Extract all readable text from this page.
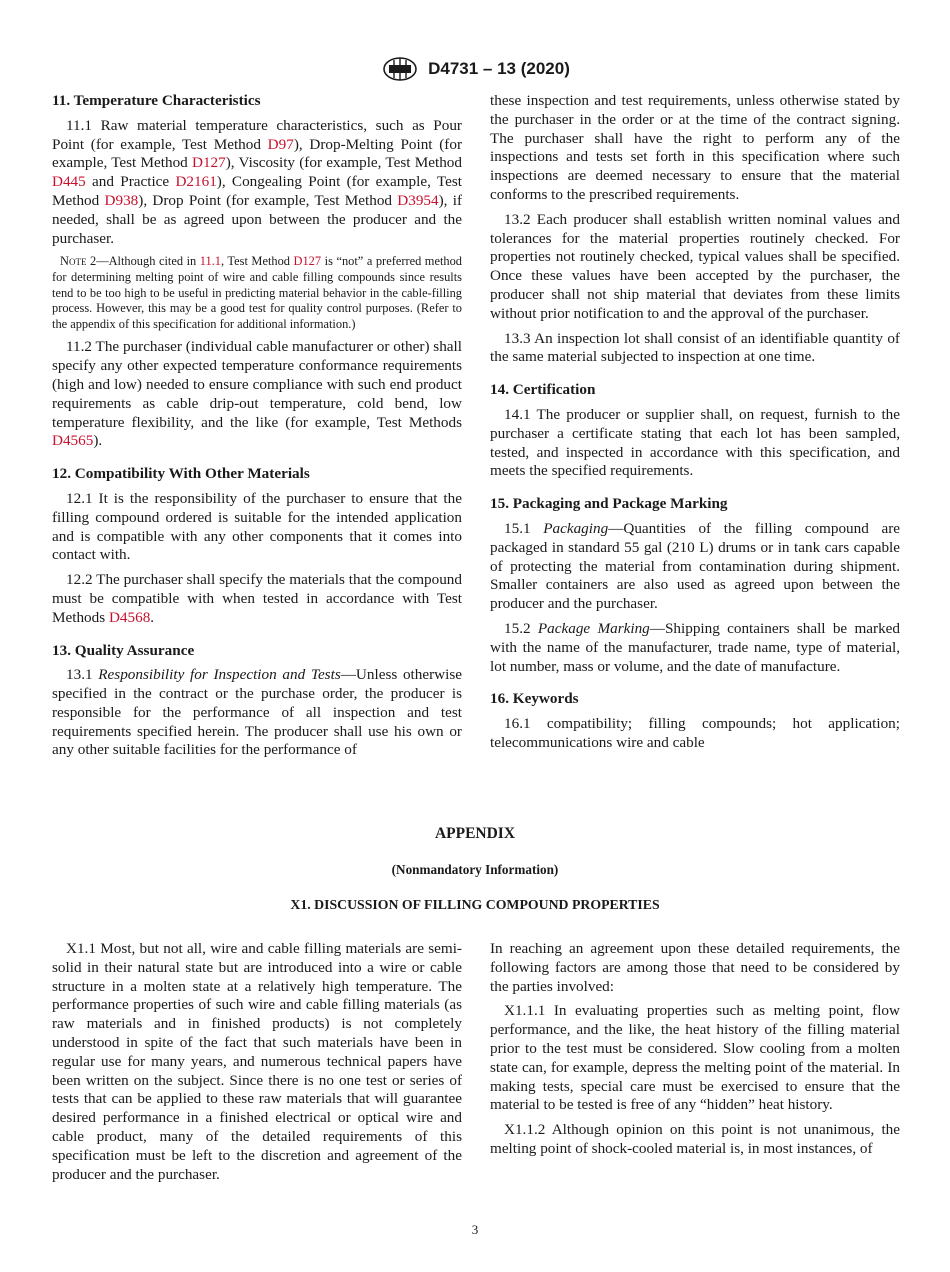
D4731 – 13 (2020)
11. Temperature Characteristics

11.1 Raw material temperature characteristics, such as Pour Point (for example, Test Method D97), Drop-Melting Point (for example, Test Method D127), Viscosity (for example, Test Method D445 and Practice D2161), Congealing Point (for example, Test Method D938), Drop Point (for example, Test Method D3954), if needed, shall be as agreed upon between the producer and the purchaser.

Note 2—Although cited in 11.1, Test Method D127 is “not” a preferred method for determining melting point of wire and cable filling compounds since results tend to be too high to be useful in predicting material behavior in the cable-filling process. However, this may be a good test for quality control purposes. (Refer to the appendix of this specification for additional information.)

11.2 The purchaser (individual cable manufacturer or other) shall specify any other expected temperature conformance requirements (high and low) needed to ensure compliance with such end product requirements as cable drip-out temperature, cold bend, low temperature flexibility, and the like (for example, Test Methods D4565).

12. Compatibility With Other Materials

12.1 It is the responsibility of the purchaser to ensure that the filling compound ordered is suitable for the intended application and is compatible with any other components that it comes into contact with.

12.2 The purchaser shall specify the materials that the compound must be compatible with when tested in accordance with Test Methods D4568.

13. Quality Assurance

13.1 Responsibility for Inspection and Tests—Unless otherwise specified in the contract or the purchase order, the producer is responsible for the performance of all inspection and test requirements specified herein. The producer shall use his own or any other suitable facilities for the performance of

these inspection and test requirements, unless otherwise stated by the purchaser in the order or at the time of the contract signing. The purchaser shall have the right to perform any of the inspections and tests set forth in this specification where such inspections are deemed necessary to ensure that the material conforms to the prescribed requirements.

13.2 Each producer shall establish written nominal values and tolerances for the material properties routinely checked. For properties not routinely checked, typical values shall be specified. Once these values have been accepted by the purchaser, the producer shall not ship material that deviates from these limits without prior notification to and the approval of the purchaser.

13.3 An inspection lot shall consist of an identifiable quantity of the same material subjected to inspection at one time.

14. Certification

14.1 The producer or supplier shall, on request, furnish to the purchaser a certificate stating that each lot has been sampled, tested, and inspected in accordance with this specification, and meets the specified requirements.

15. Packaging and Package Marking

15.1 Packaging—Quantities of the filling compound are packaged in standard 55 gal (210 L) drums or in tank cars capable of protecting the material from contamination during shipment. Smaller containers are also used as agreed upon between the producer and the purchaser.

15.2 Package Marking—Shipping containers shall be marked with the name of the manufacturer, trade name, type of material, lot number, mass or volume, and the date of manufacture.

16. Keywords

16.1 compatibility; filling compounds; hot application; telecommunications wire and cable

APPENDIX
(Nonmandatory Information)
X1. DISCUSSION OF FILLING COMPOUND PROPERTIES

X1.1 Most, but not all, wire and cable filling materials are semi-solid in their natural state but are introduced into a wire or cable structure in a molten state at a relatively high temperature. The performance properties of such wire and cable filling materials (as raw materials and in finished products) is not completely understood in spite of the fact that such materials have been in regular use for many years, and numerous technical papers have been written on the subject. Since there is no one test or series of tests that can be applied to these raw materials that will guarantee desired performance in a finished electrical or optical wire and cable product, many of the detailed requirements of this specification must be left to the discretion and agreement of the producer and the purchaser.

In reaching an agreement upon these detailed requirements, the following factors are among those that need to be considered by the parties involved:

X1.1.1 In evaluating properties such as melting point, flow performance, and the like, the heat history of the filling material prior to the test must be considered. Slow cooling from a molten state can, for example, depress the melting point of the material. In making tests, special care must be exercised to ensure that the material to be tested is free of any “hidden” heat history.

X1.1.2 Although opinion on this point is not unanimous, the melting point of shock-cooled material is, in most instances, of

3
